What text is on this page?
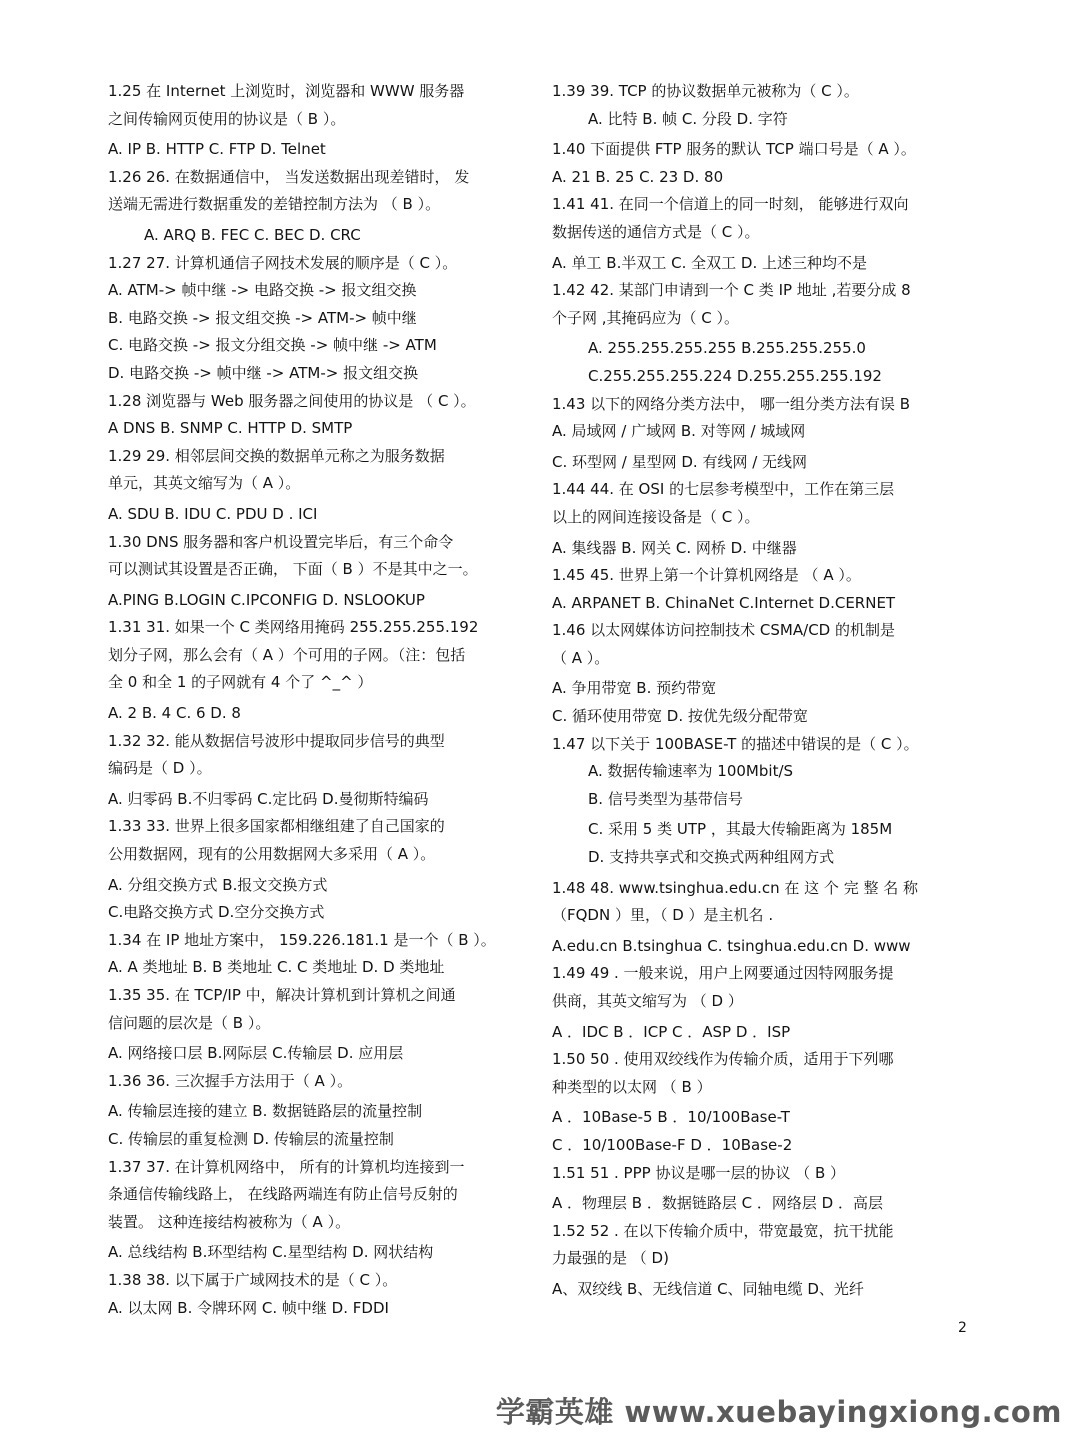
1.25 在 Internet 上浏览时，浏览器和 WWW 服务器
之间传输网页使用的协议是（ B ）。
A. IP B. HTTP C. FTP D. Telnet
1.26 26. 在数据通信中， 当发送数据出现差错时， 发
送端无需进行数据重发的差错控制方法为 （ B ）。
A. ARQ B. FEC C. BEC D. CRC
1.27 27. 计算机通信子网技术发展的顺序是（ C ）。
A. ATM-> 帧中继 -> 电路交换 -> 报文组交换
B. 电路交换 -> 报文组交换 -> ATM-> 帧中继
C. 电路交换 -> 报文分组交换 -> 帧中继 -> ATM
D. 电路交换 -> 帧中继 -> ATM-> 报文组交换
1.28 浏览器与 Web 服务器之间使用的协议是 （ C ）。
A DNS B. SNMP C. HTTP D. SMTP
1.29 29. 相邻层间交换的数据单元称之为服务数据
单元，其英文缩写为（ A ）。
A. SDU B. IDU C. PDU D . ICI
1.30 DNS 服务器和客户机设置完毕后，有三个命令
可以测试其设置是否正确， 下面（ B ）不是其中之一。
A.PING B.LOGIN C.IPCONFIG D. NSLOOKUP
1.31 31. 如果一个 C 类网络用掩码 255.255.255.192
划分子网，那么会有（ A ）个可用的子网。（注：包括
全 0 和全 1 的子网就有 4 个了 ^_^ ）
A. 2 B. 4 C. 6 D. 8
1.32 32. 能从数据信号波形中提取同步信号的典型
编码是（ D ）。
A. 归零码 B.不归零码 C.定比码 D.曼彻斯特编码
1.33 33. 世界上很多国家都相继组建了自己国家的
公用数据网，现有的公用数据网大多采用（ A ）。
A. 分组交换方式 B.报文交换方式
C.电路交换方式 D.空分交换方式
1.34 在 IP 地址方案中， 159.226.181.1 是一个（ B ）。
A. A 类地址 B. B 类地址 C. C 类地址 D. D 类地址
1.35 35. 在 TCP/IP 中，解决计算机到计算机之间通
信问题的层次是（ B ）。
A. 网络接口层 B.网际层 C.传输层 D. 应用层
1.36 36. 三次握手方法用于（ A ）。
A. 传输层连接的建立 B. 数据链路层的流量控制
C. 传输层的重复检测 D. 传输层的流量控制
1.37 37. 在计算机网络中， 所有的计算机均连接到一
条通信传输线路上， 在线路两端连有防止信号反射的
装置。 这种连接结构被称为（ A ）。
A. 总线结构 B.环型结构 C.星型结构 D. 网状结构
1.38 38. 以下属于广域网技术的是（ C ）。
A. 以太网 B. 令牌环网 C. 帧中继 D. FDDI
1.39 39. TCP 的协议数据单元被称为（ C ）。
A. 比特 B. 帧 C. 分段 D. 字符
1.40 下面提供 FTP 服务的默认 TCP 端口号是（ A ）。
A. 21 B. 25 C. 23 D. 80
1.41 41. 在同一个信道上的同一时刻， 能够进行双向
数据传送的通信方式是（ C ）。
A. 单工 B.半双工 C. 全双工 D. 上述三种均不是
1.42 42. 某部门申请到一个 C 类 IP 地址 ,若要分成 8
个子网 ,其掩码应为（ C ）。
A. 255.255.255.255 B.255.255.255.0
C.255.255.255.224 D.255.255.255.192
1.43 以下的网络分类方法中， 哪一组分类方法有误 B
A. 局域网 / 广域网 B. 对等网 / 城域网
C. 环型网 / 星型网 D. 有线网 / 无线网
1.44 44. 在 OSI 的七层参考模型中，工作在第三层
以上的网间连接设备是（ C ）。
A. 集线器 B. 网关 C. 网桥 D. 中继器
1.45 45. 世界上第一个计算机网络是 （ A ）。
A. ARPANET B. ChinaNet C.Internet D.CERNET
1.46 以太网媒体访问控制技术 CSMA/CD 的机制是
（ A ）。
A. 争用带宽 B. 预约带宽
C. 循环使用带宽 D. 按优先级分配带宽
1.47 以下关于 100BASE-T 的描述中错误的是（ C ）。
A. 数据传输速率为 100Mbit/S
B. 信号类型为基带信号
C. 采用 5 类 UTP ，其最大传输距离为 185M
D. 支持共享式和交换式两种组网方式
1.48 48. www.tsinghua.edu.cn 在 这 个 完 整 名 称
（FQDN ）里，（ D ）是主机名 .
A.edu.cn B.tsinghua C. tsinghua.edu.cn D. www
1.49 49 . 一般来说，用户上网要通过因特网服务提
供商，其英文缩写为 （ D ）
A ．IDC B ．ICP C ．ASP D ．ISP
1.50 50 . 使用双绞线作为传输介质，适用于下列哪
种类型的以太网 （ B ）
A ．10Base-5 B ．10/100Base-T
C ．10/100Base-F D ．10Base-2
1.51 51 . PPP 协议是哪一层的协议 （ B ）
A ．物理层 B ．数据链路层 C ．网络层 D ．高层
1.52 52 . 在以下传输介质中，带宽最宽，抗干扰能
力最强的是 （ D)
A、双绞线 B、无线信道 C、同轴电缆 D、光纤
2
学霸英雄 www.xuebayingxiong.com
